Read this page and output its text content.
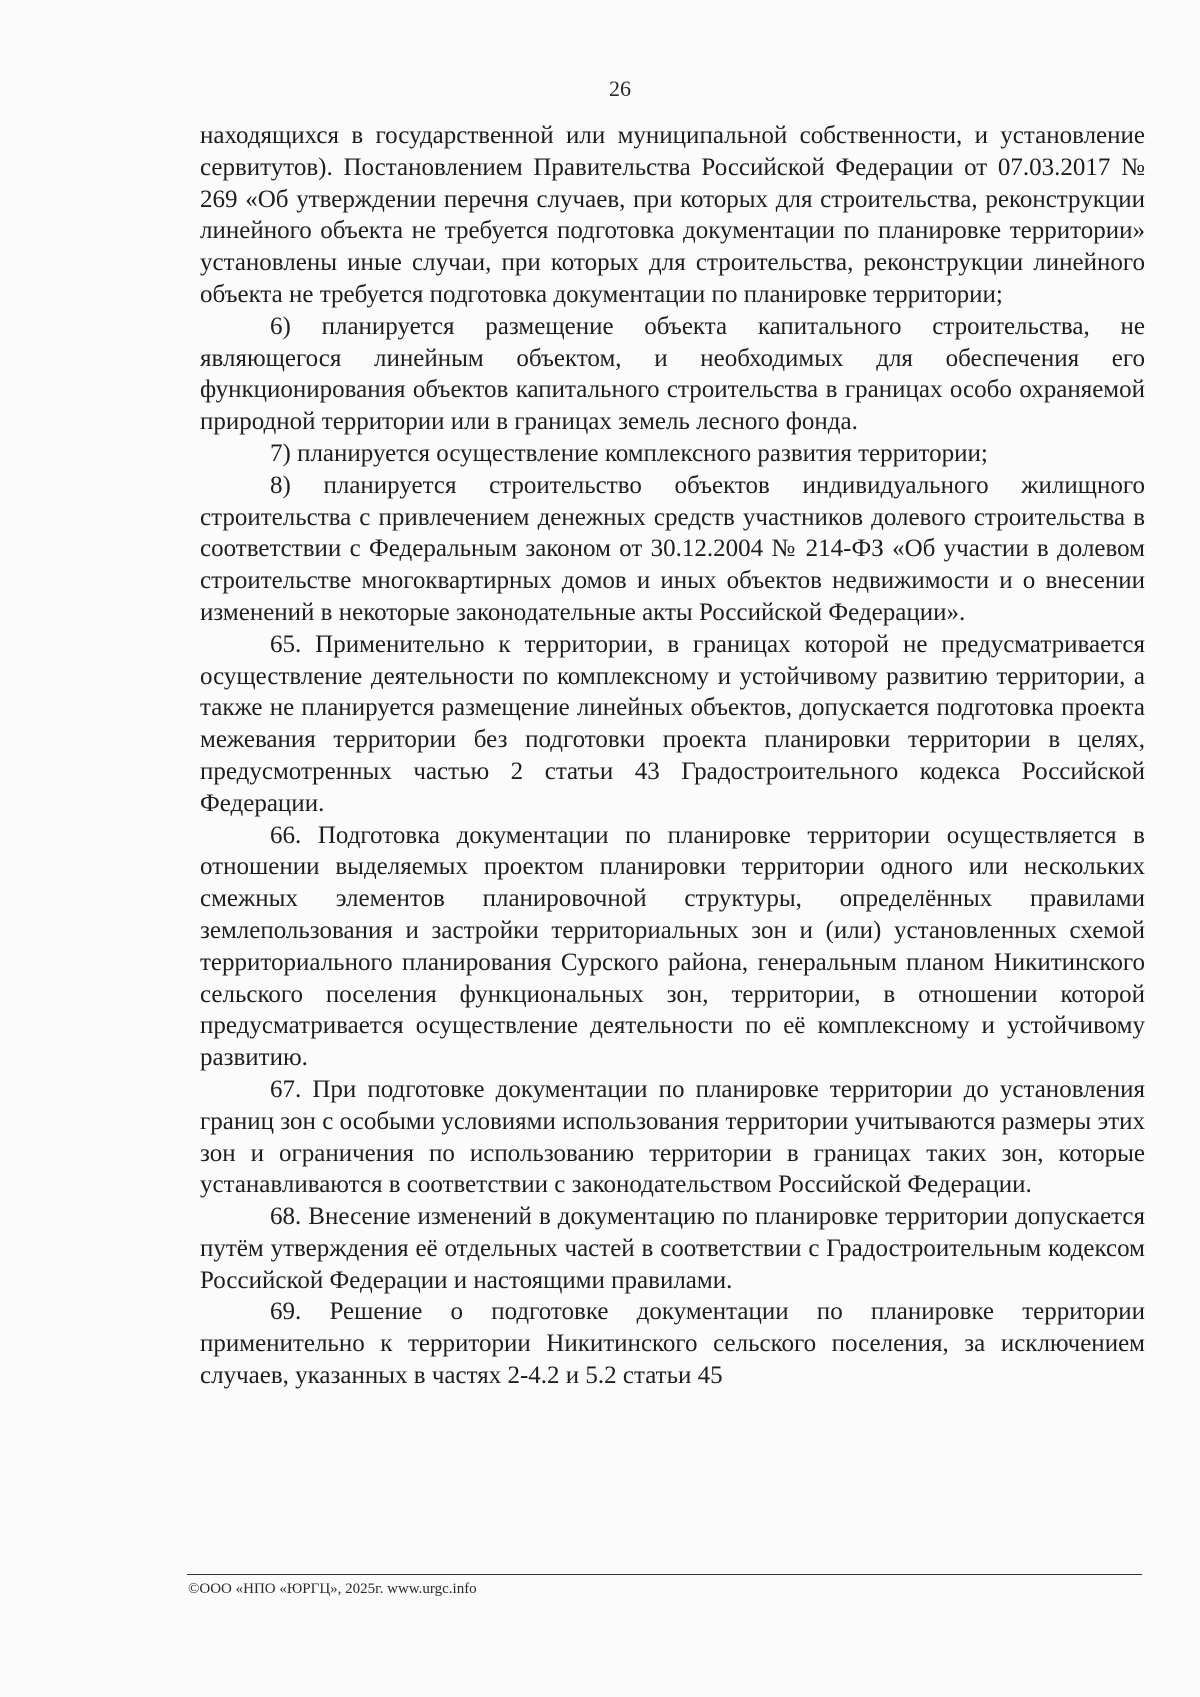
26

находящихся в государственной или муниципальной собственности, и установление сервитутов). Постановлением Правительства Российской Федерации от 07.03.2017 № 269 «Об утверждении перечня случаев, при которых для строительства, реконструкции линейного объекта не требуется подготовка документации по планировке территории» установлены иные случаи, при которых для строительства, реконструкции линейного объекта не требуется подготовка документации по планировке территории;

6) планируется размещение объекта капитального строительства, не являющегося линейным объектом, и необходимых для обеспечения его функционирования объектов капитального строительства в границах особо охраняемой природной территории или в границах земель лесного фонда.

7) планируется осуществление комплексного развития территории;

8) планируется строительство объектов индивидуального жилищного строительства с привлечением денежных средств участников долевого строительства в соответствии с Федеральным законом от 30.12.2004 № 214-ФЗ «Об участии в долевом строительстве многоквартирных домов и иных объектов недвижимости и о внесении изменений в некоторые законодательные акты Российской Федерации».

65. Применительно к территории, в границах которой не предусматривается осуществление деятельности по комплексному и устойчивому развитию территории, а также не планируется размещение линейных объектов, допускается подготовка проекта межевания территории без подготовки проекта планировки территории в целях, предусмотренных частью 2 статьи 43 Градостроительного кодекса Российской Федерации.

66. Подготовка документации по планировке территории осуществляется в отношении выделяемых проектом планировки территории одного или нескольких смежных элементов планировочной структуры, определённых правилами землепользования и застройки территориальных зон и (или) установленных схемой территориального планирования Сурского района, генеральным планом Никитинского сельского поселения функциональных зон, территории, в отношении которой предусматривается осуществление деятельности по её комплексному и устойчивому развитию.

67. При подготовке документации по планировке территории до установления границ зон с особыми условиями использования территории учитываются размеры этих зон и ограничения по использованию территории в границах таких зон, которые устанавливаются в соответствии с законодательством Российской Федерации.

68. Внесение изменений в документацию по планировке территории допускается путём утверждения её отдельных частей в соответствии с Градостроительным кодексом Российской Федерации и настоящими правилами.

69. Решение о подготовке документации по планировке территории применительно к территории Никитинского сельского поселения, за исключением случаев, указанных в частях 2-4.2 и 5.2 статьи 45

©ООО «НПО «ЮРГЦ», 2025г. www.urgc.info
